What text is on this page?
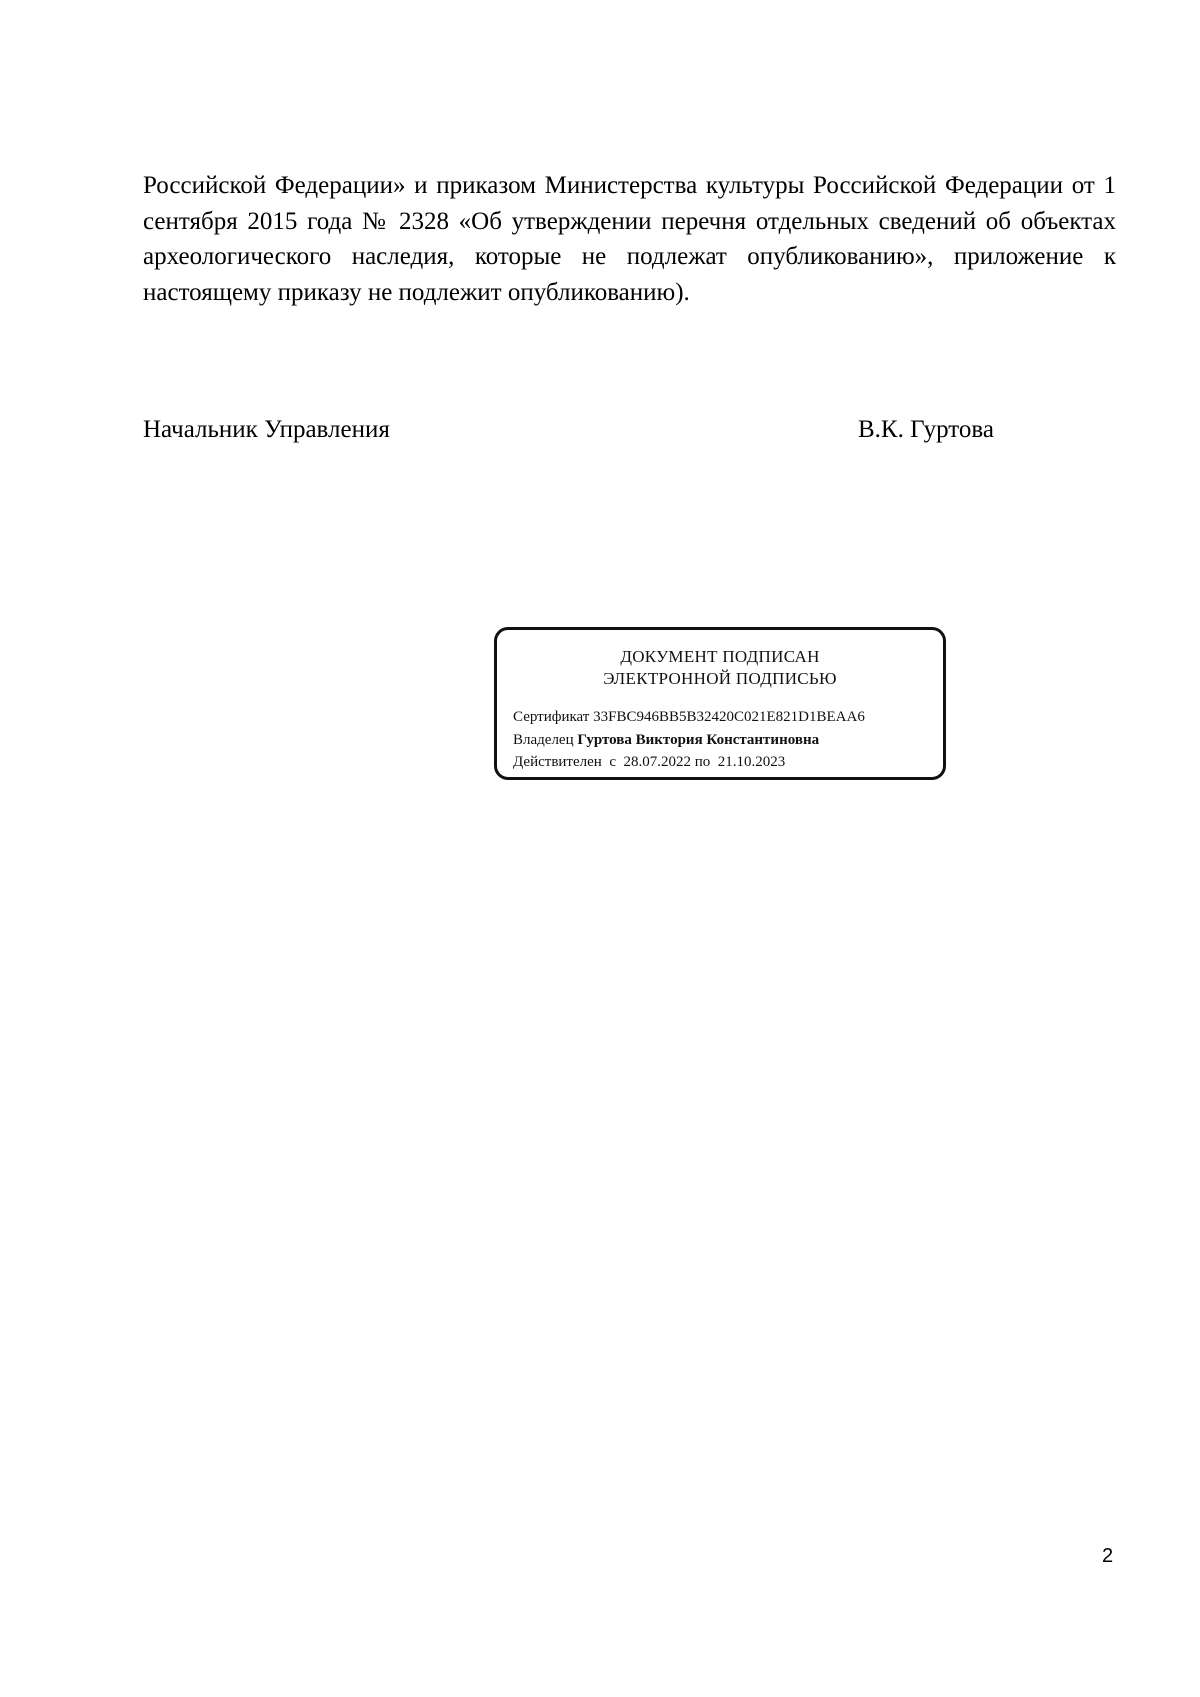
Российской Федерации» и приказом Министерства культуры Российской Федерации от 1 сентября 2015 года № 2328 «Об утверждении перечня отдельных сведений об объектах археологического наследия, которые не подлежат опубликованию», приложение к настоящему приказу не подлежит опубликованию).

Начальник Управления	В.К. Гуртова
ДОКУМЕНТ ПОДПИСАН
ЭЛЕКТРОННОЙ ПОДПИСЬЮ
Сертификат 33FBC946BB5B32420C021E821D1BEAA6
Владелец Гуртова Виктория Константиновна
Действителен с 28.07.2022 по 21.10.2023
2
